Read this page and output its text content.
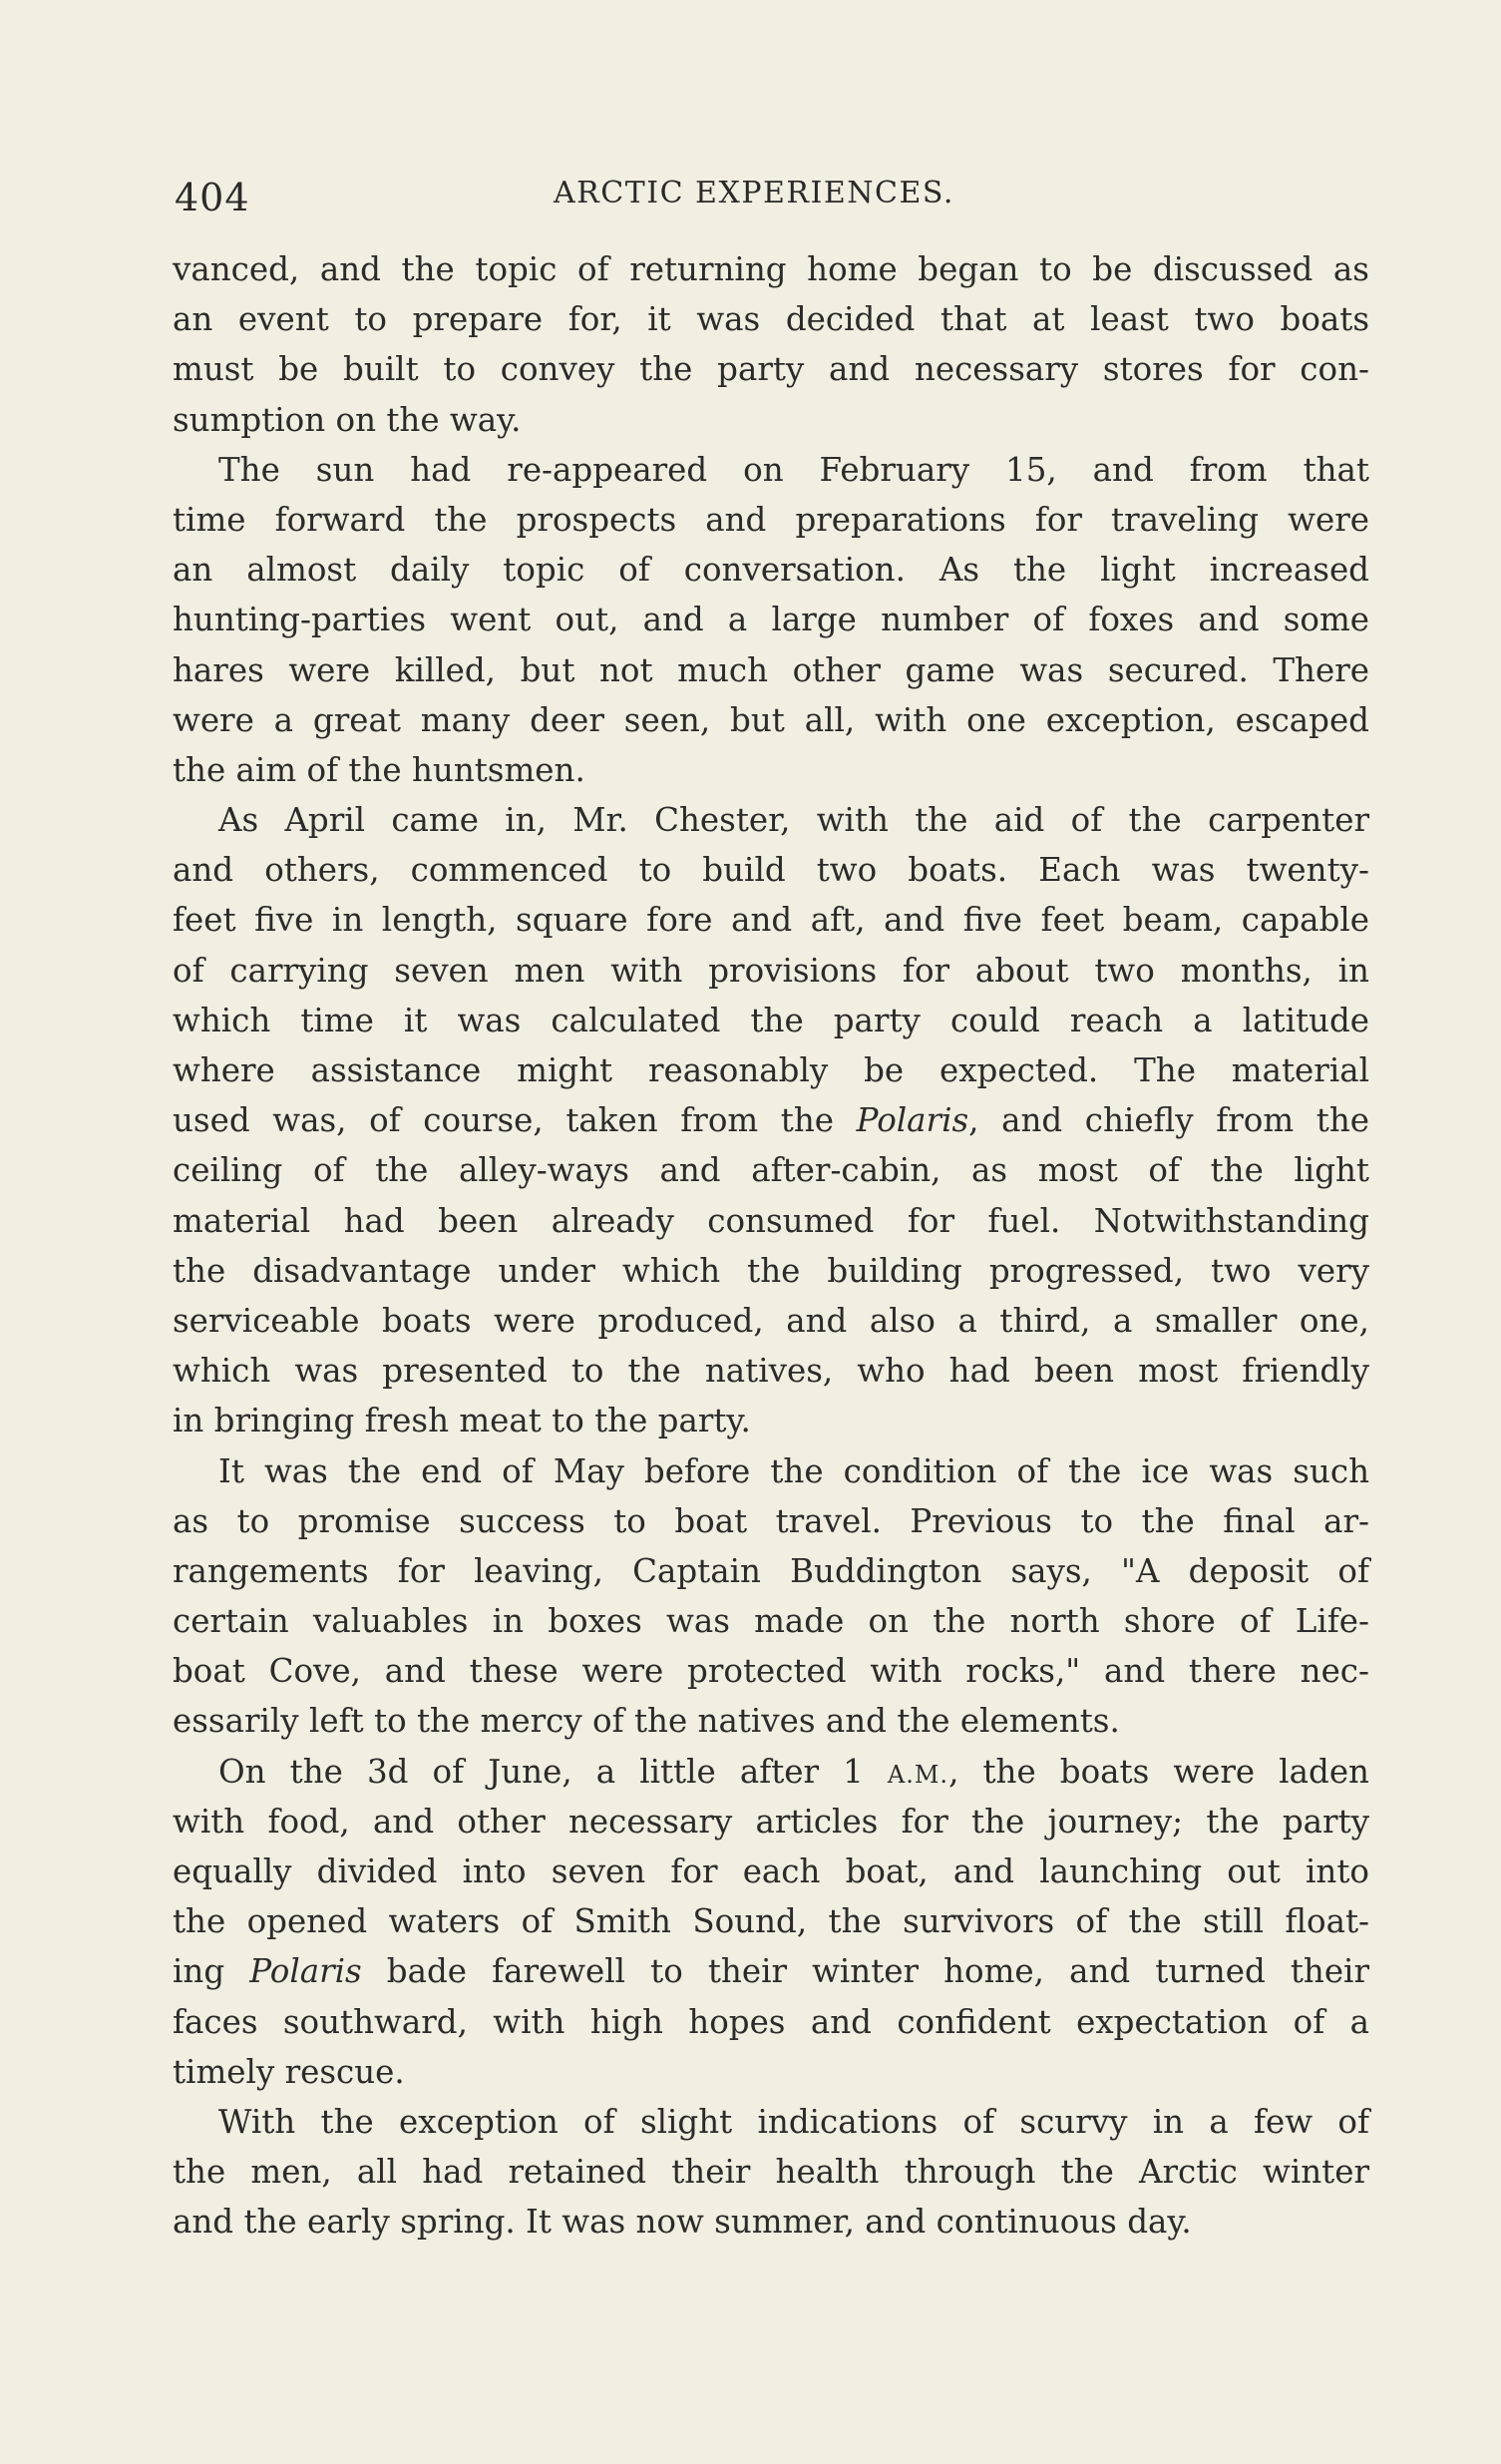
404	ARCTIC EXPERIENCES.
vanced, and the topic of returning home began to be discussed as
an event to prepare for, it was decided that at least two boats
must be built to convey the party and necessary stores for con-
sumption on the way.
The sun had re-appeared on February 15, and from that
time forward the prospects and preparations for traveling were
an almost daily topic of conversation. As the light increased
hunting-parties went out, and a large number of foxes and some
hares were killed, but not much other game was secured. There
were a great many deer seen, but all, with one exception, escaped
the aim of the huntsmen.
As April came in, Mr. Chester, with the aid of the carpenter
and others, commenced to build two boats. Each was twenty-
feet five in length, square fore and aft, and five feet beam, capable
of carrying seven men with provisions for about two months, in
which time it was calculated the party could reach a latitude
where assistance might reasonably be expected. The material
used was, of course, taken from the Polaris, and chiefly from the
ceiling of the alley-ways and after-cabin, as most of the light
material had been already consumed for fuel. Notwithstanding
the disadvantage under which the building progressed, two very
serviceable boats were produced, and also a third, a smaller one,
which was presented to the natives, who had been most friendly
in bringing fresh meat to the party.
It was the end of May before the condition of the ice was such
as to promise success to boat travel. Previous to the final ar-
rangements for leaving, Captain Buddington says, "A deposit of
certain valuables in boxes was made on the north shore of Life-
boat Cove, and these were protected with rocks," and there nec-
essarily left to the mercy of the natives and the elements.
On the 3d of June, a little after 1 A.M., the boats were laden
with food, and other necessary articles for the journey; the party
equally divided into seven for each boat, and launching out into
the opened waters of Smith Sound, the survivors of the still float-
ing Polaris bade farewell to their winter home, and turned their
faces southward, with high hopes and confident expectation of a
timely rescue.
With the exception of slight indications of scurvy in a few of
the men, all had retained their health through the Arctic winter
and the early spring. It was now summer, and continuous day.
